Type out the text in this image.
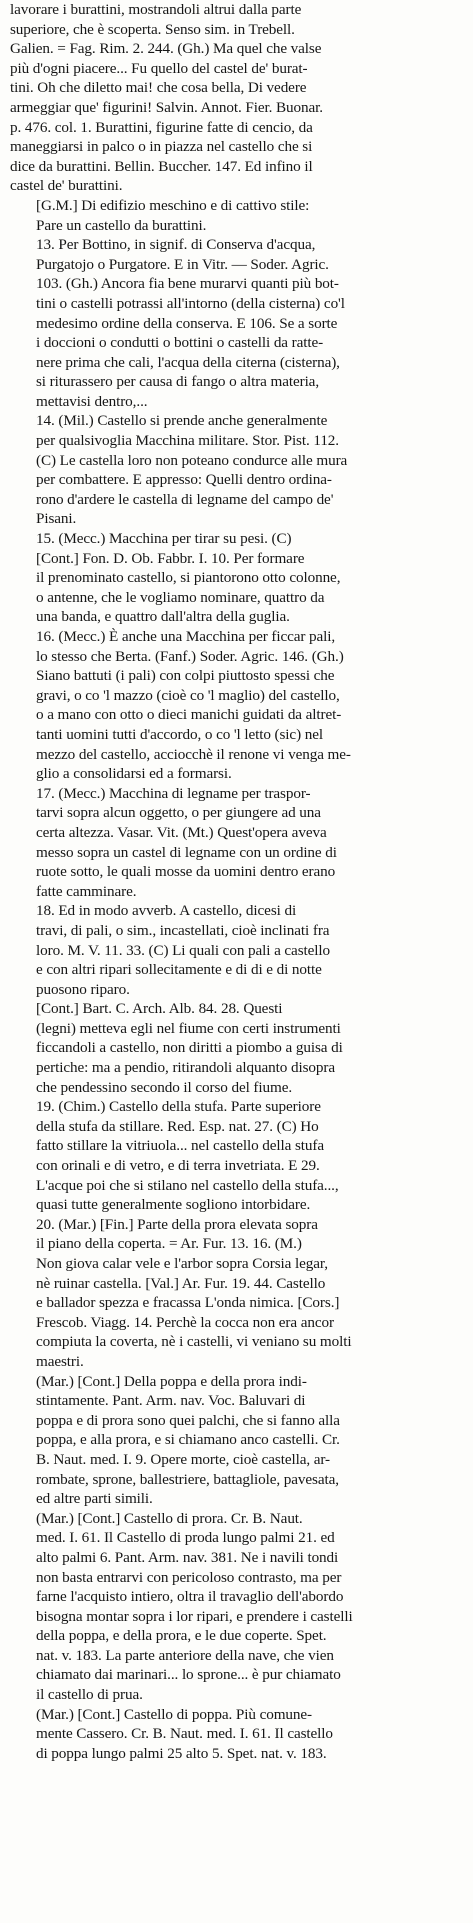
lavorare i burattini, mostrandoli altrui dalla parte
superiore, che è scoperta. Senso sim. in Trebell.
Galien. = Fag. Rim. 2. 244. (Gh.) Ma quel che valse
più d'ogni piacere... Fu quello del castel de' burat-
tini. Oh che diletto mai! che cosa bella, Di vedere
armeggiar que' figurini! Salvin. Annot. Fier. Buonar.
p. 476. col. 1. Burattini, figurine fatte di cencio, da
maneggiarsi in palco o in piazza nel castello che si
dice da burattini. Bellin. Buccher. 147. Ed infino il
castel de' burattini.
[G.M.] Di edifizio meschino e di cattivo stile:
Pare un castello da burattini.
13. Per Bottino, in signif. di Conserva d'acqua,
Purgatojo o Purgatore. E in Vitr. — Soder. Agric.
103. (Gh.) Ancora fia bene murarvi quanti più bot-
tini o castelli potrassi all'intorno (della cisterna) co'l
medesimo ordine della conserva. E 106. Se a sorte
i doccioni o condutti o bottini o castelli da ratte-
nere prima che cali, l'acqua della citerna (cisterna),
si riturassero per causa di fango o altra materia,
mettavisi dentro,...
14. (Mil.) Castello si prende anche generalmente
per qualsivoglia Macchina militare. Stor. Pist. 112.
(C) Le castella loro non poteano condurce alle mura
per combattere. E appresso: Quelli dentro ordina-
rono d'ardere le castella di legname del campo de'
Pisani.
15. (Mecc.) Macchina per tirar su pesi. (C)
[Cont.] Fon. D. Ob. Fabbr. I. 10. Per formare
il prenominato castello, si piantorono otto colonne,
o antenne, che le vogliamo nominare, quattro da
una banda, e quattro dall'altra della guglia.
16. (Mecc.) È anche una Macchina per ficcar pali,
lo stesso che Berta. (Fanf.) Soder. Agric. 146. (Gh.)
Siano battuti (i pali) con colpi piuttosto spessi che
gravi, o co 'l mazzo (cioè co 'l maglio) del castello,
o a mano con otto o dieci manichi guidati da altret-
tanti uomini tutti d'accordo, o co 'l letto (sic) nel
mezzo del castello, acciocchè il renone vi venga me-
glio a consolidarsi ed a formarsi.
17. (Mecc.) Macchina di legname per traspor-
tarvi sopra alcun oggetto, o per giungere ad una
certa altezza. Vasar. Vit. (Mt.) Quest'opera aveva
messo sopra un castel di legname con un ordine di
ruote sotto, le quali mosse da uomini dentro erano
fatte camminare.
18. Ed in modo avverb. A castello, dicesi di
travi, di pali, o sim., incastellati, cioè inclinati fra
loro. M. V. 11. 33. (C) Li quali con pali a castello
e con altri ripari sollecitamente e di di e di notte
puosono riparo.
[Cont.] Bart. C. Arch. Alb. 84. 28. Questi
(legni) metteva egli nel fiume con certi instrumenti
ficcandoli a castello, non diritti a piombo a guisa di
pertiche: ma a pendio, ritirandoli alquanto disopra
che pendessino secondo il corso del fiume.
19. (Chim.) Castello della stufa. Parte superiore
della stufa da stillare. Red. Esp. nat. 27. (C) Ho
fatto stillare la vitriuola... nel castello della stufa
con orinali e di vetro, e di terra invetriata. E 29.
L'acque poi che si stilano nel castello della stufa...,
quasi tutte generalmente sogliono intorbidare.
20. (Mar.) [Fin.] Parte della prora elevata sopra
il piano della coperta. = Ar. Fur. 13. 16. (M.)
Non giova calar vele e l'arbor sopra Corsia legar,
nè ruinar castella. [Val.] Ar. Fur. 19. 44. Castello
e ballador spezza e fracassa L'onda nimica. [Cors.]
Frescob. Viagg. 14. Perchè la cocca non era ancor
compiuta la coverta, nè i castelli, vi veniano su molti
maestri.
(Mar.) [Cont.] Della poppa e della prora indi-
stintamente. Pant. Arm. nav. Voc. Baluvari di
poppa e di prora sono quei palchi, che si fanno alla
poppa, e alla prora, e si chiamano anco castelli. Cr.
B. Naut. med. I. 9. Opere morte, cioè castella, ar-
rombate, sprone, ballestriere, battagliole, pavesata,
ed altre parti simili.
(Mar.) [Cont.] Castello di prora. Cr. B. Naut.
med. I. 61. Il Castello di proda lungo palmi 21. ed
alto palmi 6. Pant. Arm. nav. 381. Ne i navili tondi
non basta entrarvi con pericoloso contrasto, ma per
farne l'acquisto intiero, oltra il travaglio dell'abordo
bisogna montar sopra i lor ripari, e prendere i castelli
della poppa, e della prora, e le due coperte. Spet.
nat. v. 183. La parte anteriore della nave, che vien
chiamato dai marinari... lo sprone... è pur chiamato
il castello di prua.
(Mar.) [Cont.] Castello di poppa. Più comune-
mente Cassero. Cr. B. Naut. med. I. 61. Il castello
di poppa lungo palmi 25 alto 5. Spet. nat. v. 183.
